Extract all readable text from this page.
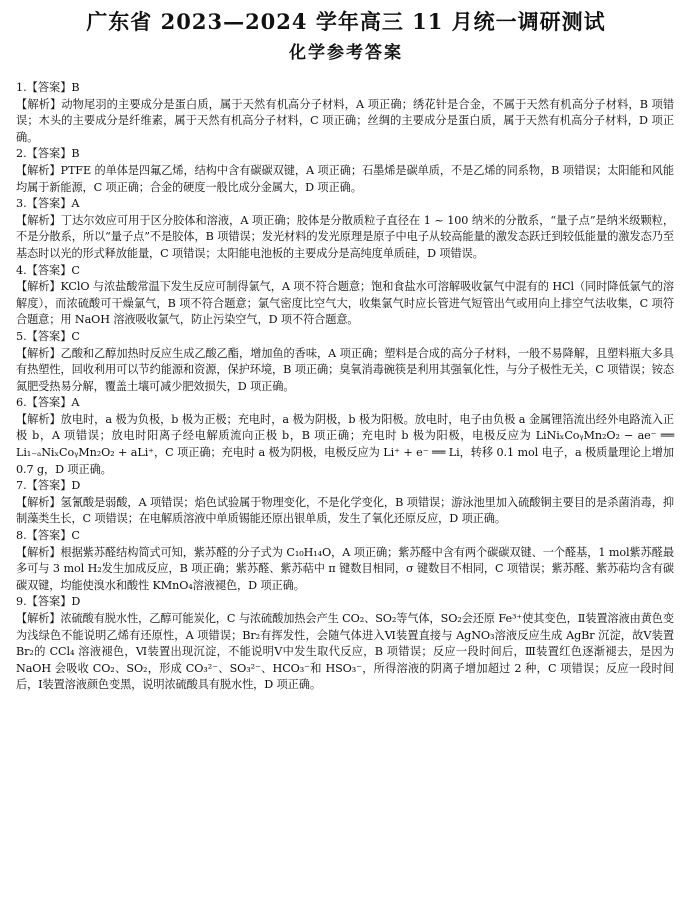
广东省 2023—2024 学年高三 11 月统一调研测试
化学参考答案
1.【答案】B
【解析】动物尾羽的主要成分是蛋白质，属于天然有机高分子材料，A 项正确；绣花针是合金，不属于天然有机高分子材料，B 项错误；木头的主要成分是纤维素，属于天然有机高分子材料，C 项正确；丝绸的主要成分是蛋白质，属于天然有机高分子材料，D 项正确。
2.【答案】B
【解析】PTFE 的单体是四氟乙烯，结构中含有碳碳双键，A 项正确；石墨烯是碳单质，不是乙烯的同系物，B 项错误；太阳能和风能均属于新能源，C 项正确；合金的硬度一般比成分金属大，D 项正确。
3.【答案】A
【解析】丁达尔效应可用于区分胶体和溶液，A 项正确；胶体是分散质粒子直径在 1 ~ 100 纳米的分散系，“量子点”是纳米级颗粒，不是分散系，所以“量子点”不是胶体，B 项错误；发光材料的发光原理是原子中电子从较高能量的激发态跃迁到较低能量的激发态乃至基态时以光的形式释放能量，C 项错误；太阳能电池板的主要成分是高纯度单质硅，D 项错误。
4.【答案】C
【解析】KClO 与浓盐酸常温下发生反应可制得氯气，A 项不符合题意；饱和食盐水可溶解吸收氯气中混有的 HCl（同时降低氯气的溶解度），而浓硫酸可干燥氯气，B 项不符合题意；氯气密度比空气大，收集氯气时应长管进气短管出气或用向上排空气法收集，C 项符合题意；用 NaOH 溶液吸收氯气，防止污染空气，D 项不符合题意。
5.【答案】C
【解析】乙酸和乙醇加热时反应生成乙酸乙酯，增加鱼的香味，A 项正确；塑料是合成的高分子材料，一般不易降解，且塑料瓶大多具有热塑性，回收利用可以节约能源和资源，保护环境，B 项正确；臭氧消毒碗筷是利用其强氧化性，与分子极性无关，C 项错误；铵态氮肥受热易分解，覆盖土壤可减少肥效损失，D 项正确。
6.【答案】A
【解析】放电时，a 极为负极，b 极为正极；充电时，a 极为阴极，b 极为阳极。放电时，电子由负极 a 金属锂箔流出经外电路流入正极 b，A 项错误；放电时阳离子经电解质流向正极 b，B 项正确；充电时 b 极为阳极，电极反应为 LiNiₓCoᵧMn₂O₂ − ae⁻ ══ Li₁₋ₐNiₓCoᵧMn₂O₂ + aLi⁺，C 项正确；充电时 a 极为阴极，电极反应为 Li⁺ + e⁻ ══ Li，转移 0.1 mol 电子，a 极质量理论上增加 0.7 g，D 项正确。
7.【答案】D
【解析】氢氰酸是弱酸，A 项错误；焰色试验属于物理变化，不是化学变化，B 项错误；游泳池里加入硫酸铜主要目的是杀菌消毒，抑制藻类生长，C 项错误；在电解质溶液中单质锡能还原出银单质，发生了氧化还原反应，D 项正确。
8.【答案】C
【解析】根据紫苏醛结构简式可知，紫苏醛的分子式为 C₁₀H₁₄O，A 项正确；紫苏醛中含有两个碳碳双键、一个醛基，1 mol紫苏醛最多可与 3 mol H₂发生加成反应，B 项正确；紫苏醛、紫苏萜中 π 键数目相同，σ 键数目不相同，C 项错误；紫苏醛、紫苏萜均含有碳碳双键，均能使溴水和酸性 KMnO₄溶液褪色，D 项正确。
9.【答案】D
【解析】浓硫酸有脱水性，乙醇可能炭化，C 与浓硫酸加热会产生 CO₂、SO₂等气体，SO₂会还原 Fe³⁺使其变色，Ⅱ装置溶液由黄色变为浅绿色不能说明乙烯有还原性，A 项错误；Br₂有挥发性，会随气体进入Ⅵ装置直接与 AgNO₃溶液反应生成 AgBr 沉淀，故Ⅴ装置 Br₂的 CCl₄ 溶液褪色，Ⅵ装置出现沉淀，不能说明Ⅴ中发生取代反应，B 项错误；反应一段时间后，Ⅲ装置红色逐渐褪去，是因为 NaOH 会吸收 CO₂、SO₂，形成 CO₃²⁻、SO₃²⁻、HCO₃⁻和 HSO₃⁻，所得溶液的阴离子增加超过 2 种，C 项错误；反应一段时间后，Ⅰ装置溶液颜色变黑，说明浓硫酸具有脱水性，D 项正确。
